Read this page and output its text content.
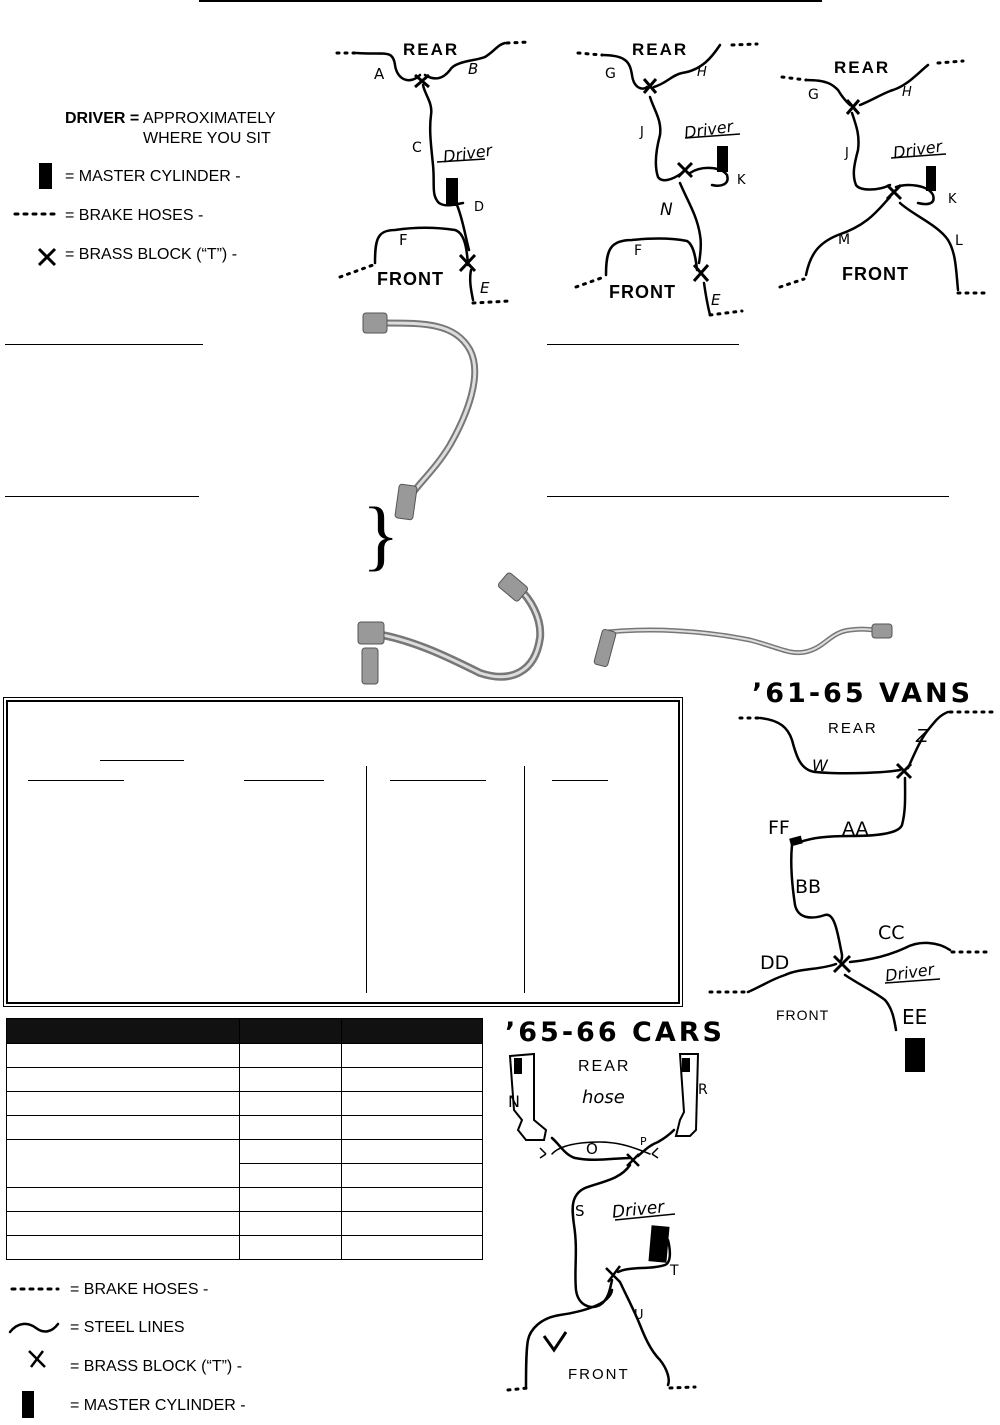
DRIVER = APPROXIMATELY
WHERE YOU SIT
= MASTER CYLINDER -
= BRAKE HOSES -
= BRASS BLOCK (“T”) -
REAR
FRONT
Driver
A	B
C
D
E
F
REAR
FRONT
Driver
G	H
J
K
N
F
E
REAR
FRONT
Driver
G	H
J
K
M	L
}
’61-65 VANS
REAR
FRONT
Driver
W
Z
FF	AA
BB
CC
DD
EE

= BRAKE HOSES -
= STEEL LINES
= BRASS BLOCK (“T”) -
= MASTER CYLINDER -
’65-66 CARS
REAR
FRONT
Driver
hose
N
O	P
R
S
T
U
